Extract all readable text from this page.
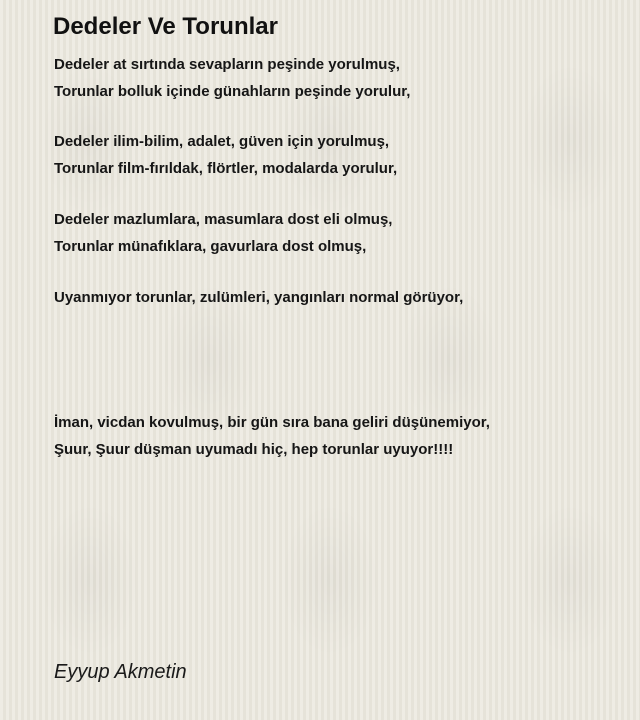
Dedeler Ve Torunlar
Dedeler at sırtında sevapların peşinde yorulmuş,
Torunlar bolluk içinde günahların peşinde yorulur,
Dedeler ilim-bilim, adalet, güven için yorulmuş,
Torunlar film-fırıldak, flörtler, modalarda yorulur,
Dedeler mazlumlara, masumlara dost eli olmuş,
Torunlar münafıklara, gavurlara dost olmuş,
Uyanmıyor torunlar, zulümleri, yangınları normal görüyor,
İman, vicdan kovulmuş, bir gün sıra bana geliri düşünemiyor,
Şuur, Şuur düşman uyumadı hiç, hep torunlar uyuyor!!!!
Eyyup Akmetin
